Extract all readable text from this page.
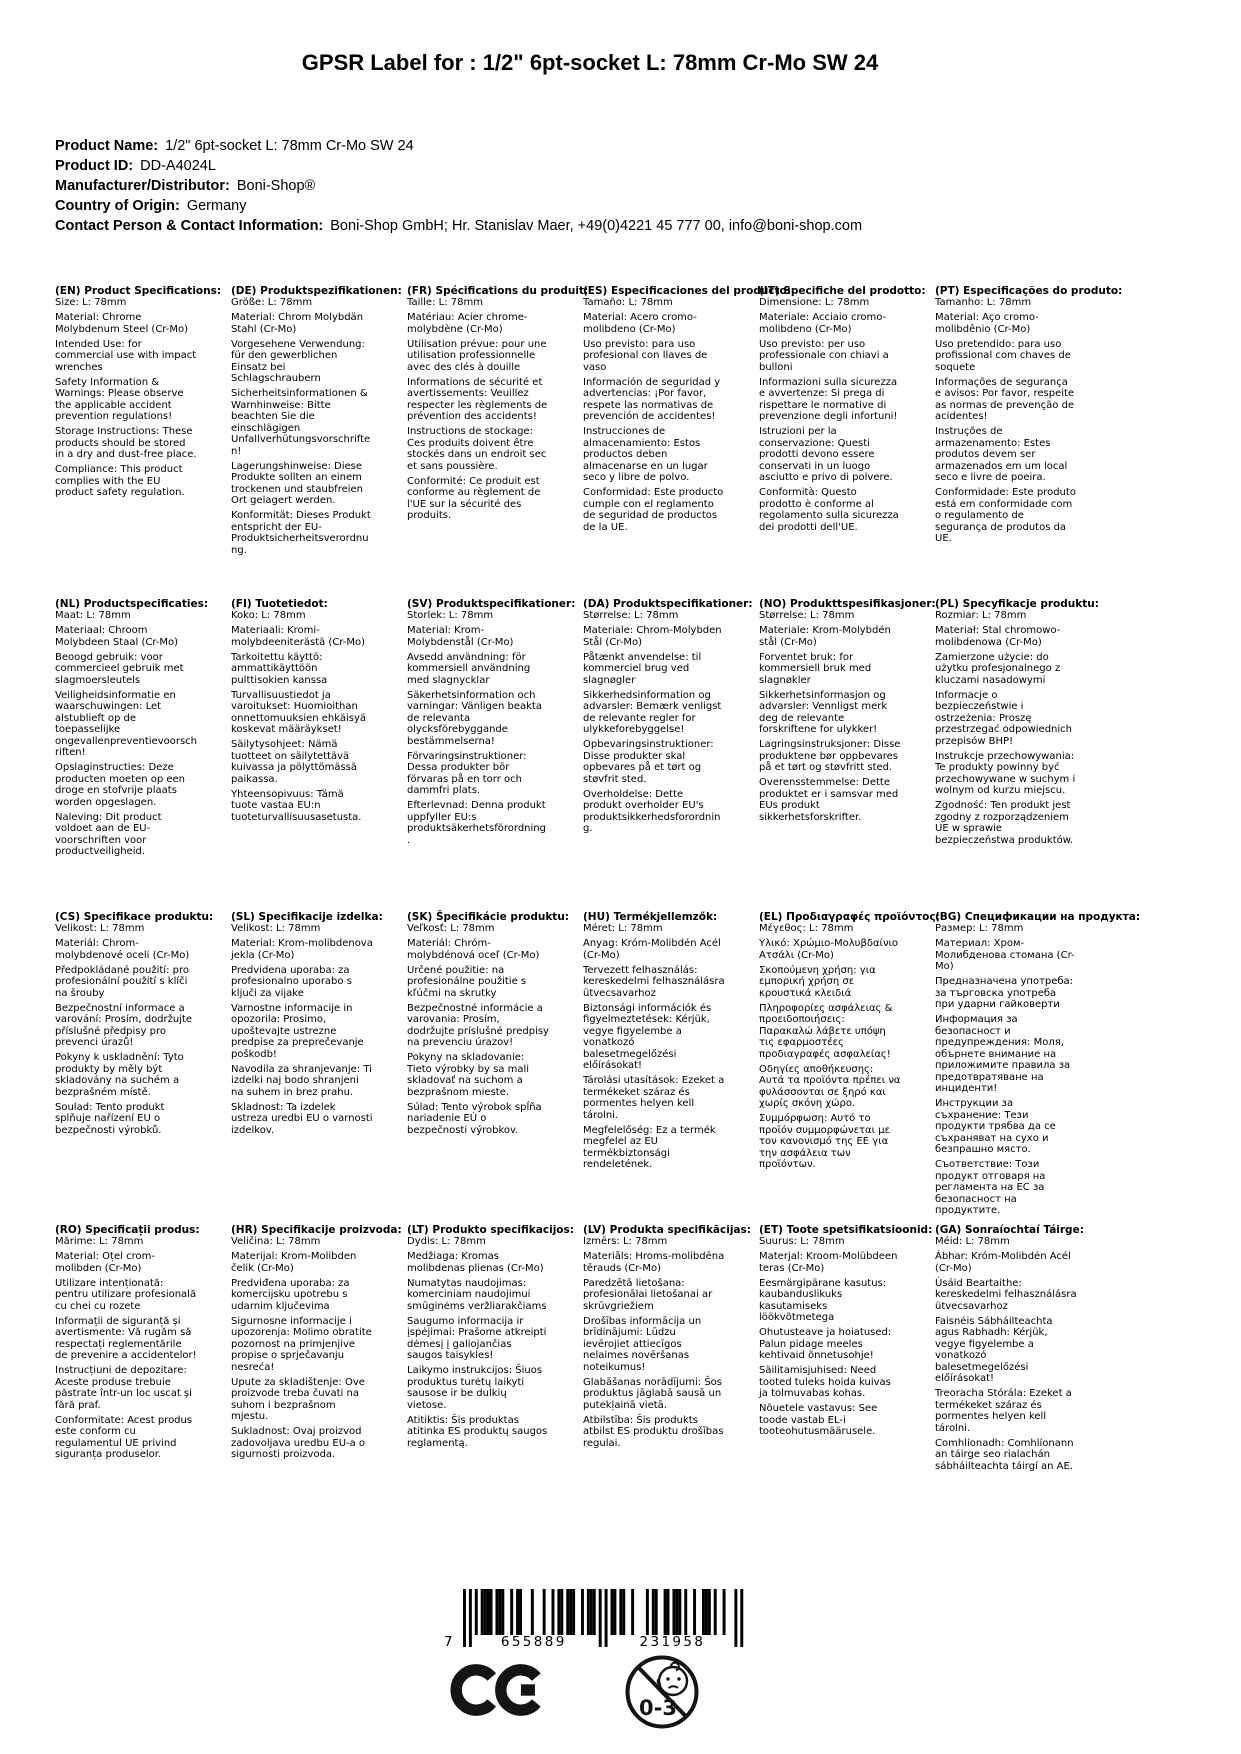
GPSR Label for : 1/2" 6pt-socket L: 78mm Cr-Mo SW 24
Product Name: 1/2" 6pt-socket L: 78mm Cr-Mo SW 24
Product ID: DD-A4024L
Manufacturer/Distributor: Boni-Shop®
Country of Origin: Germany
Contact Person & Contact Information: Boni-Shop GmbH; Hr. Stanislav Maer, +49(0)4221 45 777 00, info@boni-shop.com
(EN) Product Specifications:

Size: L: 78mm

Material: Chrome Molybdenum Steel (Cr-Mo)

Intended Use: for commercial use with impact wrenches

Safety Information & Warnings: Please observe the applicable accident prevention regulations!

Storage Instructions: These products should be stored in a dry and dust-free place.

Compliance: This product complies with the EU product safety regulation.

(DE) Produktspezifikationen:

Größe: L: 78mm

Material: Chrom Molybdän Stahl (Cr-Mo)

Vorgesehene Verwendung: für den gewerblichen Einsatz bei Schlagschraubern

Sicherheitsinformationen & Warnhinweise: Bitte beachten Sie die einschlägigen Unfallverhütungsvorschriften!

Lagerungshinweise: Diese Produkte sollten an einem trockenen und staubfreien Ort gelagert werden.

Konformität: Dieses Produkt entspricht der EU-Produktsicherheitsverordnung.

(FR) Spécifications du produit:

Taille: L: 78mm

Matériau: Acier chrome-molybdène (Cr-Mo)

Utilisation prévue: pour une utilisation professionnelle avec des clés à douille

Informations de sécurité et avertissements: Veuillez respecter les règlements de prévention des accidents!

Instructions de stockage: Ces produits doivent être stockés dans un endroit sec et sans poussière.

Conformité: Ce produit est conforme au règlement de l'UE sur la sécurité des produits.

(ES) Especificaciones del producto:

Tamaño: L: 78mm

Material: Acero cromo-molibdeno (Cr-Mo)

Uso previsto: para uso profesional con llaves de vaso

Información de seguridad y advertencias: ¡Por favor, respete las normativas de prevención de accidentes!

Instrucciones de almacenamiento: Estos productos deben almacenarse en un lugar seco y libre de polvo.

Conformidad: Este producto cumple con el reglamento de seguridad de productos de la UE.

(IT) Specifiche del prodotto:

Dimensione: L: 78mm

Materiale: Acciaio cromo-molibdeno (Cr-Mo)

Uso previsto: per uso professionale con chiavi a bulloni

Informazioni sulla sicurezza e avvertenze: Si prega di rispettare le normative di prevenzione degli infortuni!

Istruzioni per la conservazione: Questi prodotti devono essere conservati in un luogo asciutto e privo di polvere.

Conformità: Questo prodotto è conforme al regolamento sulla sicurezza dei prodotti dell'UE.

(PT) Especificações do produto:

Tamanho: L: 78mm

Material: Aço cromo-molibdênio (Cr-Mo)

Uso pretendido: para uso profissional com chaves de soquete

Informações de segurança e avisos: Por favor, respeite as normas de prevenção de acidentes!

Instruções de armazenamento: Estes produtos devem ser armazenados em um local seco e livre de poeira.

Conformidade: Este produto está em conformidade com o regulamento de segurança de produtos da UE.

(NL) Productspecificaties:

Maat: L: 78mm

Materiaal: Chroom Molybdeen Staal (Cr-Mo)

Beoogd gebruik: voor commercieel gebruik met slagmoersleutels

Veiligheidsinformatie en waarschuwingen: Let alstublieft op de toepasselijke ongevallenpreventievoorschriften!

Opslaginstructies: Deze producten moeten op een droge en stofvrije plaats worden opgeslagen.

Naleving: Dit product voldoet aan de EU-voorschriften voor productveiligheid.

(FI) Tuotetiedot:

Koko: L: 78mm

Materiaali: Kromi-molybdeeniterästä (Cr-Mo)

Tarkoitettu käyttö: ammattikäyttöön pulttisokien kanssa

Turvallisuustiedot ja varoitukset: Huomioithan onnettomuuksien ehkäisyä koskevat määräykset!

Säilytysohjeet: Nämä tuotteet on säilytettävä kuivassa ja pölyttömässä paikassa.

Yhteensopivuus: Tämä tuote vastaa EU:n tuoteturvallisuusasetusta.

(SV) Produktspecifikationer:

Storlek: L: 78mm

Material: Krom-Molybdenstål (Cr-Mo)

Avsedd användning: för kommersiell användning med slagnycklar

Säkerhetsinformation och varningar: Vänligen beakta de relevanta olycksförebyggande bestämmelserna!

Förvaringsinstruktioner: Dessa produkter bör förvaras på en torr och dammfri plats.

Efterlevnad: Denna produkt uppfyller EU:s produktsäkerhetsförordning.

(DA) Produktspecifikationer:

Størrelse: L: 78mm

Materiale: Chrom-Molybden Stål (Cr-Mo)

Påtænkt anvendelse: til kommerciel brug ved slagnøgler

Sikkerhedsinformation og advarsler: Bemærk venligst de relevante regler for ulykkeforebyggelse!

Opbevaringsinstruktioner: Disse produkter skal opbevares på et tørt og støvfrit sted.

Overholdelse: Dette produkt overholder EU's produktsikkerhedsforordning.

(NO) Produkttspesifikasjoner:

Størrelse: L: 78mm

Materiale: Krom-Molybdén stål (Cr-Mo)

Forventet bruk: for kommersiell bruk med slagnøkler

Sikkerhetsinformasjon og advarsler: Vennligst merk deg de relevante forskriftene for ulykker!

Lagringsinstruksjoner: Disse produktene bør oppbevares på et tørt og støvfritt sted.

Overensstemmelse: Dette produktet er i samsvar med EUs produkt sikkerhetsforskrifter.

(PL) Specyfikacje produktu:

Rozmiar: L: 78mm

Materiał: Stal chromowo-molibdenowa (Cr-Mo)

Zamierzone użycie: do użytku profesjonalnego z kluczami nasadowymi

Informacje o bezpieczeństwie i ostrzeżenia: Proszę przestrzegać odpowiednich przepisów BHP!

Instrukcje przechowywania: Te produkty powinny być przechowywane w suchym i wolnym od kurzu miejscu.

Zgodność: Ten produkt jest zgodny z rozporządzeniem UE w sprawie bezpieczeństwa produktów.

(CS) Specifikace produktu:

Velikost: L: 78mm

Materiál: Chrom-molybdenové oceli (Cr-Mo)

Předpokládané použití: pro profesionální použití s klíči na šrouby

Bezpečnostní informace a varování: Prosím, dodržujte příslušné předpisy pro prevenci úrazů!

Pokyny k uskladnění: Tyto produkty by měly být skladovány na suchém a bezprašném místě.

Soulad: Tento produkt splňuje nařízení EU o bezpečnosti výrobků.

(SL) Specifikacije izdelka:

Velikost: L: 78mm

Material: Krom-molibdenova jekla (Cr-Mo)

Predvidena uporaba: za profesionalno uporabo s ključi za vijake

Varnostne informacije in opozorila: Prosimo, upoštevajte ustrezne predpise za preprečevanje poškodb!

Navodila za shranjevanje: Ti izdelki naj bodo shranjeni na suhem in brez prahu.

Skladnost: Ta izdelek ustreza uredbi EU o varnosti izdelkov.

(SK) Špecifikácie produktu:

Veľkosť: L: 78mm

Materiál: Chróm-molybdénová oceľ (Cr-Mo)

Určené použitie: na profesionálne použitie s kľúčmi na skrutky

Bezpečnostné informácie a varovania: Prosím, dodržujte príslušné predpisy na prevenciu úrazov!

Pokyny na skladovanie: Tieto výrobky by sa mali skladovať na suchom a bezprašnom mieste.

Súlad: Tento výrobok spĺňa nariadenie EÚ o bezpečnosti výrobkov.

(HU) Termékjellemzők:

Méret: L: 78mm

Anyag: Króm-Molibdén Acél (Cr-Mo)

Tervezett felhasználás: kereskedelmi felhasználásra ütvecsavarhoz

Biztonsági információk és figyelmeztetések: Kérjük, vegye figyelembe a vonatkozó balesetmegelőzési előírásokat!

Tárolási utasítások: Ezeket a termékeket száraz és pormentes helyen kell tárolni.

Megfelelőség: Ez a termék megfelel az EU termékbiztonsági rendeletének.

(EL) Προδιαγραφές προϊόντος:

Μέγεθος: L: 78mm

Υλικό: Χρώμιο-Μολυβδαίνιο Ατσάλι (Cr-Mo)

Σκοπούμενη χρήση: για εμπορική χρήση σε κρουστικά κλειδιά

Πληροφορίες ασφάλειας & προειδοποιήσεις: Παρακαλώ λάβετε υπόψη τις εφαρμοστέες προδιαγραφές ασφαλείας!

Οδηγίες αποθήκευσης: Αυτά τα προϊόντα πρέπει να φυλάσσονται σε ξηρό και χωρίς σκόνη χώρο.

Συμμόρφωση: Αυτό το προϊόν συμμορφώνεται με τον κανονισμό της ΕΕ για την ασφάλεια των προϊόντων.

(BG) Спецификации на продукта:

Размер: L: 78mm

Материал: Хром-Молибденова стомана (Cr-Mo)

Предназначена употреба: за търговска употреба при ударни гайковерти

Информация за безопасност и предупреждения: Моля, обърнете внимание на приложимите правила за предотвратяване на инциденти!

Инструкции за съхранение: Тези продукти трябва да се съхраняват на сухо и безпрашно място.

Съответствие: Този продукт отговаря на регламента на ЕС за безопасност на продуктите.

(RO) Specificații produs:

Mărime: L: 78mm

Material: Oțel crom-molibden (Cr-Mo)

Utilizare intenționată: pentru utilizare profesională cu chei cu rozete

Informații de siguranță și avertismente: Vă rugăm să respectați reglementările de prevenire a accidentelor!

Instrucțiuni de depozitare: Aceste produse trebuie păstrate într-un loc uscat și fără praf.

Conformitate: Acest produs este conform cu regulamentul UE privind siguranța produselor.

(HR) Specifikacije proizvoda:

Veličina: L: 78mm

Materijal: Krom-Molibden čelik (Cr-Mo)

Predviđena uporaba: za komercijsku upotrebu s udarnim ključevima

Sigurnosne informacije i upozorenja: Molimo obratite pozornost na primjenjive propise o sprječavanju nesreća!

Upute za skladištenje: Ove proizvode treba čuvati na suhom i bezprašnom mjestu.

Sukladnost: Ovaj proizvod zadovoljava uredbu EU-a o sigurnosti proizvoda.

(LT) Produkto specifikacijos:

Dydis: L: 78mm

Medžiaga: Kromas molibdenas plienas (Cr-Mo)

Numatytas naudojimas: komerciniam naudojimui smūginėms veržliarakčiams

Saugumo informacija ir įspėjimai: Prašome atkreipti dėmesį į galiojančias saugos taisykles!

Laikymo instrukcijos: Šiuos produktus turėtų laikyti sausose ir be dulkių vietose.

Atitiktis: Šis produktas atitinka ES produktų saugos reglamentą.

(LV) Produkta specifikācijas:

Izmērs: L: 78mm

Materiāls: Hroms-molibdēna tērauds (Cr-Mo)

Paredzētā lietošana: profesionālai lietošanai ar skrūvgriežiem

Drošības informācija un brīdinājumi: Lūdzu ievērojiet attiecīgos nelaimes novēršanas noteikumus!

Glabāšanas norādījumi: Šos produktus jāglabā sausā un putekļainā vietā.

Atbilstība: Šis produkts atbilst ES produktu drošības regulai.

(ET) Toote spetsifikatsioonid:

Suurus: L: 78mm

Materjal: Kroom-Molübdeen teras (Cr-Mo)

Eesmärgipärane kasutus: kaubanduslikuks kasutamiseks löökvõtmetega

Ohutusteave ja hoiatused: Palun pidage meeles kehtivaid õnnetusohje!

Säilitamisjuhised: Need tooted tuleks hoida kuivas ja tolmuvabas kohas.

Nõuetele vastavus: See toode vastab EL-i tooteohutusmäärusele.

(GA) Sonraíochtaí Táirge:

Méid: L: 78mm

Ábhar: Króm-Molibdén Acél (Cr-Mo)

Úsáid Beartaithe: kereskedelmi felhasználásra ütvecsavarhoz

Faisnéis Sábháilteachta agus Rabhadh: Kérjük, vegye figyelembe a vonatkozó balesetmegelőzési előírásokat!

Treoracha Stórála: Ezeket a termékeket száraz és pormentes helyen kell tárolni.

Comhlíonadh: Comhlíonann an táirge seo rialachán sábháilteachta táirgí an AE.

7	655889	231958
0-3
